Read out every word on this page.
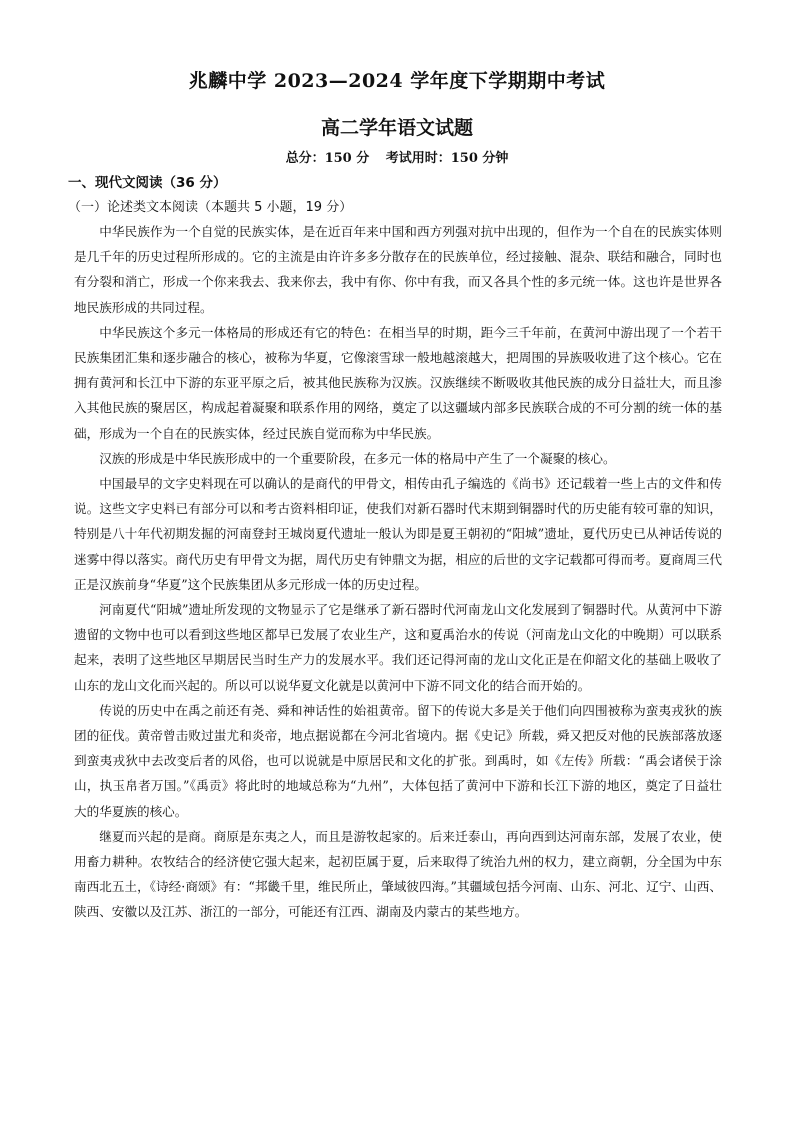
兆麟中学 2023—2024 学年度下学期期中考试
高二学年语文试题
总分：150 分 考试用时：150 分钟
一、现代文阅读（36 分）
（一）论述类文本阅读（本题共 5 小题，19 分）

中华民族作为一个自觉的民族实体，是在近百年来中国和西方列强对抗中出现的，但作为一个自在的民族实体则是几千年的历史过程所形成的。它的主流是由许许多多分散存在的民族单位，经过接触、混杂、联结和融合，同时也有分裂和消亡，形成一个你来我去、我来你去，我中有你、你中有我，而又各具个性的多元统一体。这也许是世界各地民族形成的共同过程。

中华民族这个多元一体格局的形成还有它的特色：在相当早的时期，距今三千年前，在黄河中游出现了一个若干民族集团汇集和逐步融合的核心，被称为华夏，它像滚雪球一般地越滚越大，把周围的异族吸收进了这个核心。它在拥有黄河和长江中下游的东亚平原之后，被其他民族称为汉族。汉族继续不断吸收其他民族的成分日益壮大，而且渗入其他民族的聚居区，构成起着凝聚和联系作用的网络，奠定了以这疆域内部多民族联合成的不可分割的统一体的基础，形成为一个自在的民族实体，经过民族自觉而称为中华民族。

汉族的形成是中华民族形成中的一个重要阶段，在多元一体的格局中产生了一个凝聚的核心。

中国最早的文字史料现在可以确认的是商代的甲骨文，相传由孔子编选的《尚书》还记载着一些上古的文件和传说。这些文字史料已有部分可以和考古资料相印证，使我们对新石器时代末期到铜器时代的历史能有较可靠的知识，特别是八十年代初期发掘的河南登封王城岗夏代遗址一般认为即是夏王朝初的“阳城”遗址，夏代历史已从神话传说的迷雾中得以落实。商代历史有甲骨文为据，周代历史有钟鼎文为据，相应的后世的文字记载都可得而考。夏商周三代正是汉族前身“华夏”这个民族集团从多元形成一体的历史过程。

河南夏代“阳城”遗址所发现的文物显示了它是继承了新石器时代河南龙山文化发展到了铜器时代。从黄河中下游遗留的文物中也可以看到这些地区都早已发展了农业生产，这和夏禹治水的传说（河南龙山文化的中晚期）可以联系起来，表明了这些地区早期居民当时生产力的发展水平。我们还记得河南的龙山文化正是在仰韶文化的基础上吸收了山东的龙山文化而兴起的。所以可以说华夏文化就是以黄河中下游不同文化的结合而开始的。

传说的历史中在禹之前还有尧、舜和神话性的始祖黄帝。留下的传说大多是关于他们向四围被称为蛮夷戎狄的族团的征伐。黄帝曾击败过蚩尤和炎帝，地点据说都在今河北省境内。据《史记》所载，舜又把反对他的民族部落放逐到蛮夷戎狄中去改变后者的风俗，也可以说就是中原居民和文化的扩张。到禹时，如《左传》所载：“禹会诸侯于涂山，执玉帛者万国。”《禹贡》将此时的地域总称为“九州”，大体包括了黄河中下游和长江下游的地区，奠定了日益壮大的华夏族的核心。

继夏而兴起的是商。商原是东夷之人，而且是游牧起家的。后来迁泰山，再向西到达河南东部，发展了农业，使用畜力耕种。农牧结合的经济使它强大起来，起初臣属于夏，后来取得了统治九州的权力，建立商朝，分全国为中东南西北五土，《诗经·商颂》有：“邦畿千里，维民所止，肇域彼四海。”其疆域包括今河南、山东、河北、辽宁、山西、陕西、安徽以及江苏、浙江的一部分，可能还有江西、湖南及内蒙古的某些地方。
